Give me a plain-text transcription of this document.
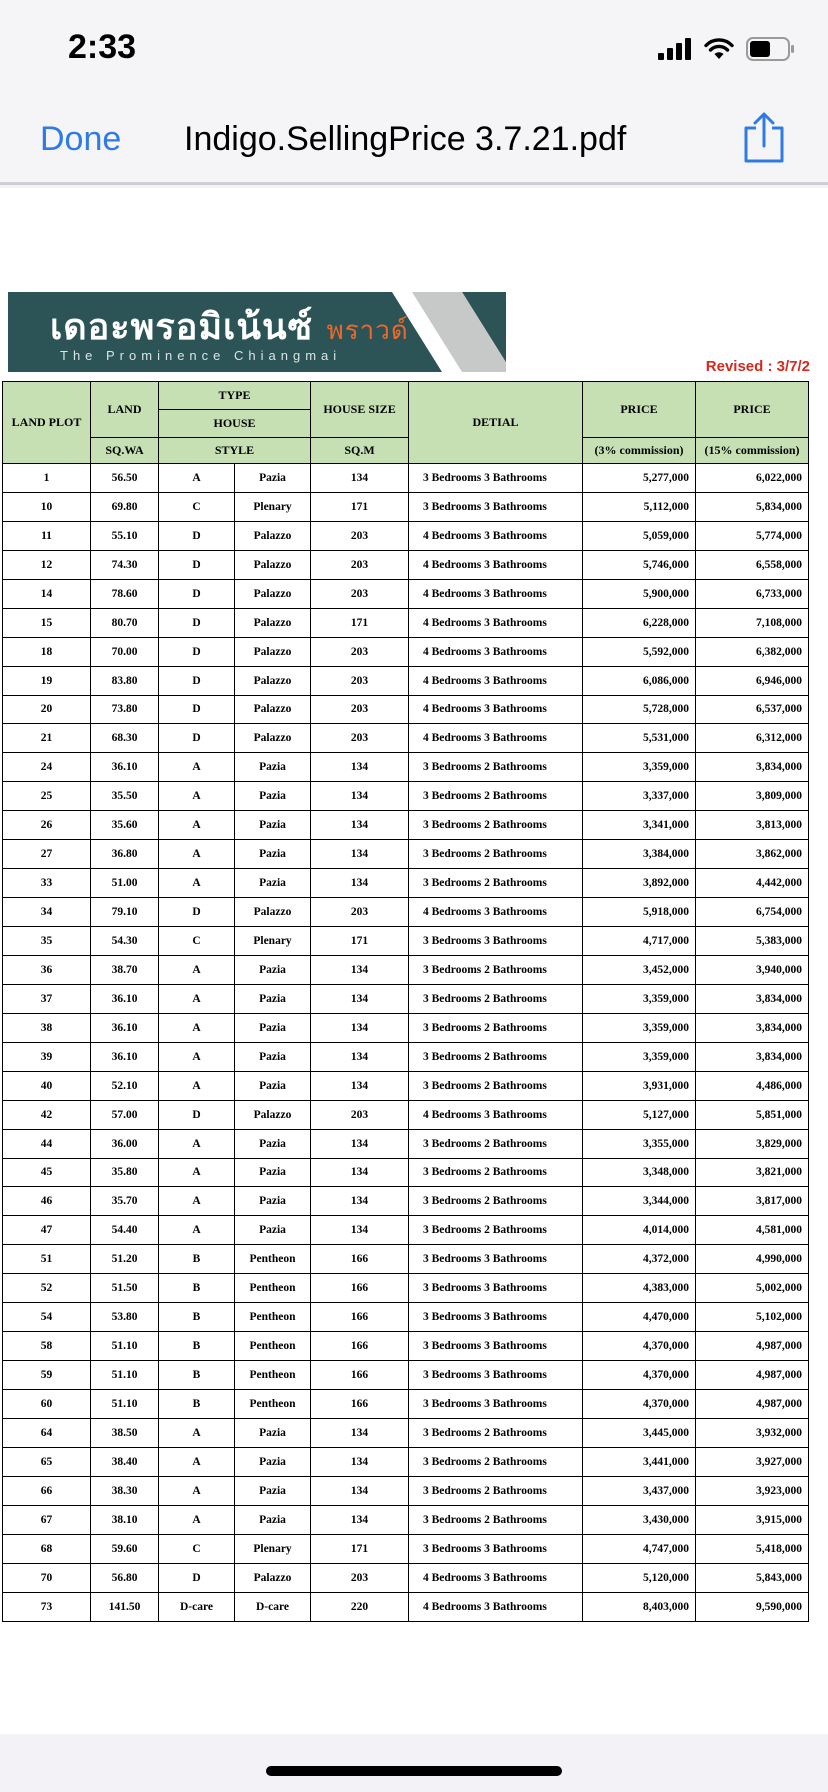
2:33
Done Indigo.SellingPrice 3.7.21.pdf
เดอะพรอมิเน้นซ์ พราวด์
The Prominence Chiangmai
Revised : 3/7/2
LAND PLOT	LAND	TYPE		HOUSE SIZE	DETIAL	PRICE	PRICE
		HOUSE					
	SQ.WA	STYLE		SQ.M		(3% commission)	(15% commission)
1	56.50	A	Pazia	134	3 Bedrooms 3 Bathrooms	5,277,000	6,022,000
10	69.80	C	Plenary	171	3 Bedrooms 3 Bathrooms	5,112,000	5,834,000
11	55.10	D	Palazzo	203	4 Bedrooms 3 Bathrooms	5,059,000	5,774,000
12	74.30	D	Palazzo	203	4 Bedrooms 3 Bathrooms	5,746,000	6,558,000
14	78.60	D	Palazzo	203	4 Bedrooms 3 Bathrooms	5,900,000	6,733,000
15	80.70	D	Palazzo	171	4 Bedrooms 3 Bathrooms	6,228,000	7,108,000
18	70.00	D	Palazzo	203	4 Bedrooms 3 Bathrooms	5,592,000	6,382,000
19	83.80	D	Palazzo	203	4 Bedrooms 3 Bathrooms	6,086,000	6,946,000
20	73.80	D	Palazzo	203	4 Bedrooms 3 Bathrooms	5,728,000	6,537,000
21	68.30	D	Palazzo	203	4 Bedrooms 3 Bathrooms	5,531,000	6,312,000
24	36.10	A	Pazia	134	3 Bedrooms 2 Bathrooms	3,359,000	3,834,000
25	35.50	A	Pazia	134	3 Bedrooms 2 Bathrooms	3,337,000	3,809,000
26	35.60	A	Pazia	134	3 Bedrooms 2 Bathrooms	3,341,000	3,813,000
27	36.80	A	Pazia	134	3 Bedrooms 2 Bathrooms	3,384,000	3,862,000
33	51.00	A	Pazia	134	3 Bedrooms 2 Bathrooms	3,892,000	4,442,000
34	79.10	D	Palazzo	203	4 Bedrooms 3 Bathrooms	5,918,000	6,754,000
35	54.30	C	Plenary	171	3 Bedrooms 3 Bathrooms	4,717,000	5,383,000
36	38.70	A	Pazia	134	3 Bedrooms 2 Bathrooms	3,452,000	3,940,000
37	36.10	A	Pazia	134	3 Bedrooms 2 Bathrooms	3,359,000	3,834,000
38	36.10	A	Pazia	134	3 Bedrooms 2 Bathrooms	3,359,000	3,834,000
39	36.10	A	Pazia	134	3 Bedrooms 2 Bathrooms	3,359,000	3,834,000
40	52.10	A	Pazia	134	3 Bedrooms 2 Bathrooms	3,931,000	4,486,000
42	57.00	D	Palazzo	203	4 Bedrooms 3 Bathrooms	5,127,000	5,851,000
44	36.00	A	Pazia	134	3 Bedrooms 2 Bathrooms	3,355,000	3,829,000
45	35.80	A	Pazia	134	3 Bedrooms 2 Bathrooms	3,348,000	3,821,000
46	35.70	A	Pazia	134	3 Bedrooms 2 Bathrooms	3,344,000	3,817,000
47	54.40	A	Pazia	134	3 Bedrooms 2 Bathrooms	4,014,000	4,581,000
51	51.20	B	Pentheon	166	3 Bedrooms 3 Bathrooms	4,372,000	4,990,000
52	51.50	B	Pentheon	166	3 Bedrooms 3 Bathrooms	4,383,000	5,002,000
54	53.80	B	Pentheon	166	3 Bedrooms 3 Bathrooms	4,470,000	5,102,000
58	51.10	B	Pentheon	166	3 Bedrooms 3 Bathrooms	4,370,000	4,987,000
59	51.10	B	Pentheon	166	3 Bedrooms 3 Bathrooms	4,370,000	4,987,000
60	51.10	B	Pentheon	166	3 Bedrooms 3 Bathrooms	4,370,000	4,987,000
64	38.50	A	Pazia	134	3 Bedrooms 2 Bathrooms	3,445,000	3,932,000
65	38.40	A	Pazia	134	3 Bedrooms 2 Bathrooms	3,441,000	3,927,000
66	38.30	A	Pazia	134	3 Bedrooms 2 Bathrooms	3,437,000	3,923,000
67	38.10	A	Pazia	134	3 Bedrooms 2 Bathrooms	3,430,000	3,915,000
68	59.60	C	Plenary	171	3 Bedrooms 3 Bathrooms	4,747,000	5,418,000
70	56.80	D	Palazzo	203	4 Bedrooms 3 Bathrooms	5,120,000	5,843,000
73	141.50	D-care	D-care	220	4 Bedrooms 3 Bathrooms	8,403,000	9,590,000
